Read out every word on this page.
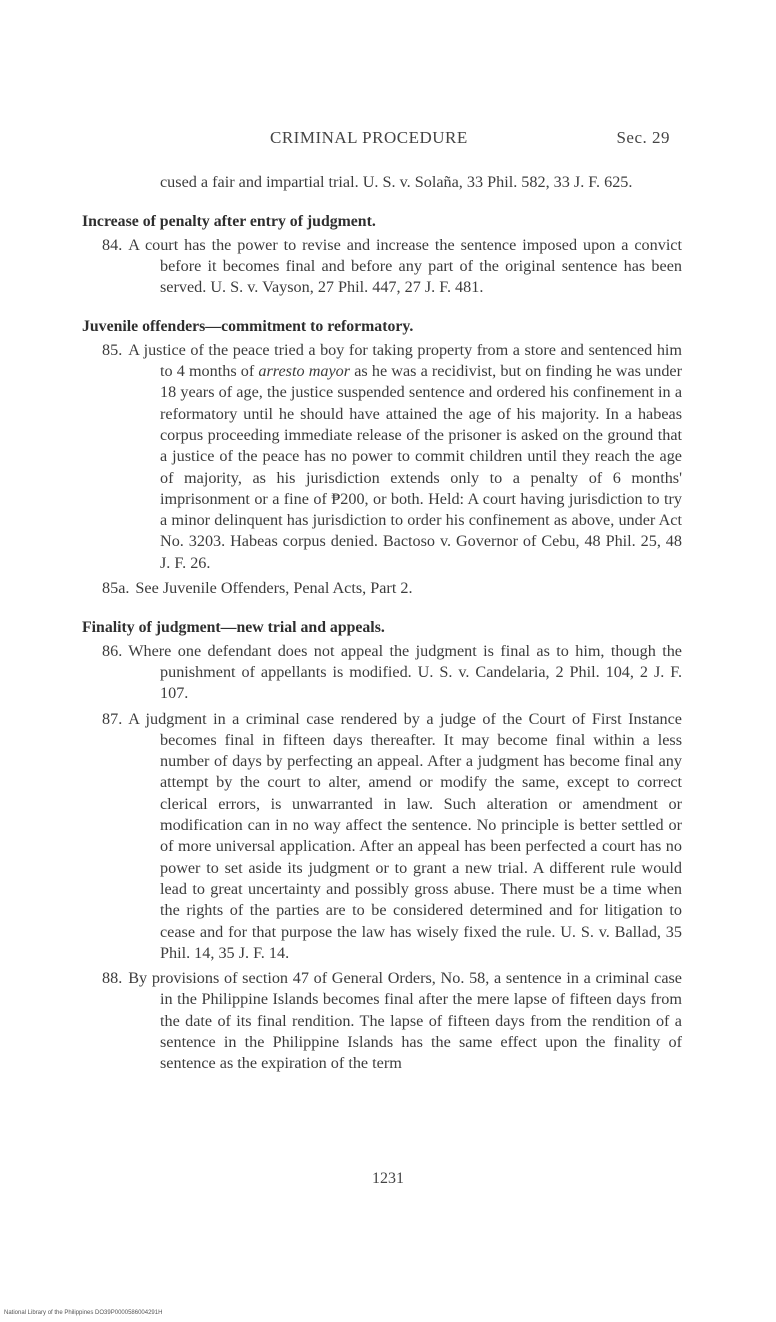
CRIMINAL PROCEDURE	Sec. 29
cused a fair and impartial trial. U. S. v. Solaña, 33 Phil. 582, 33 J. F. 625.
Increase of penalty after entry of judgment.
84. A court has the power to revise and increase the sentence imposed upon a convict before it becomes final and before any part of the original sentence has been served. U. S. v. Vayson, 27 Phil. 447, 27 J. F. 481.
Juvenile offenders—commitment to reformatory.
85. A justice of the peace tried a boy for taking property from a store and sentenced him to 4 months of arresto mayor as he was a recidivist, but on finding he was under 18 years of age, the justice suspended sentence and ordered his confinement in a reformatory until he should have attained the age of his majority. In a habeas corpus proceeding immediate release of the prisoner is asked on the ground that a justice of the peace has no power to commit children until they reach the age of majority, as his jurisdiction extends only to a penalty of 6 months' imprisonment or a fine of ₱200, or both. Held: A court having jurisdiction to try a minor delinquent has jurisdiction to order his confinement as above, under Act No. 3203. Habeas corpus denied. Bactoso v. Governor of Cebu, 48 Phil. 25, 48 J. F. 26.
85a. See Juvenile Offenders, Penal Acts, Part 2.
Finality of judgment—new trial and appeals.
86. Where one defendant does not appeal the judgment is final as to him, though the punishment of appellants is modified. U. S. v. Candelaria, 2 Phil. 104, 2 J. F. 107.
87. A judgment in a criminal case rendered by a judge of the Court of First Instance becomes final in fifteen days thereafter. It may become final within a less number of days by perfecting an appeal. After a judgment has become final any attempt by the court to alter, amend or modify the same, except to correct clerical errors, is unwarranted in law. Such alteration or amendment or modification can in no way affect the sentence. No principle is better settled or of more universal application. After an appeal has been perfected a court has no power to set aside its judgment or to grant a new trial. A different rule would lead to great uncertainty and possibly gross abuse. There must be a time when the rights of the parties are to be considered determined and for litigation to cease and for that purpose the law has wisely fixed the rule. U. S. v. Ballad, 35 Phil. 14, 35 J. F. 14.
88. By provisions of section 47 of General Orders, No. 58, a sentence in a criminal case in the Philippine Islands becomes final after the mere lapse of fifteen days from the date of its final rendition. The lapse of fifteen days from the rendition of a sentence in the Philippine Islands has the same effect upon the finality of sentence as the expiration of the term
1231
National Library of the Philippines DO39P0000586004291H
